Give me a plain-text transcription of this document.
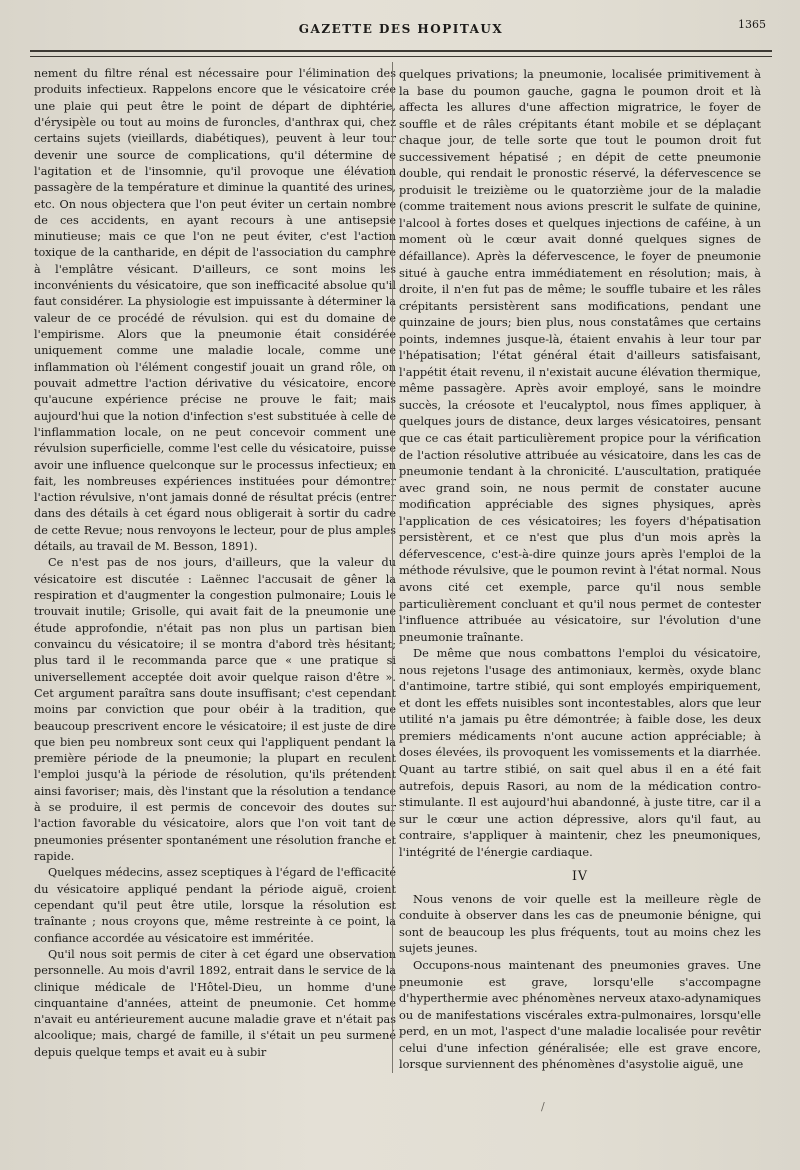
GAZETTE DES HOPITAUX	1365

nement du filtre rénal est nécessaire pour l'élimination des produits infectieux. Rappelons encore que le vésicatoire crée une plaie qui peut être le point de départ de diphtérie, d'érysipèle ou tout au moins de furoncles, d'anthrax qui, chez certains sujets (vieillards, diabétiques), peuvent à leur tour devenir une source de complications, qu'il détermine de l'agitation et de l'insomnie, qu'il provoque une élévation passagère de la température et diminue la quantité des urines, etc. On nous objectera que l'on peut éviter un certain nombre de ces accidents, en ayant recours à une antisepsie minutieuse; mais ce que l'on ne peut éviter, c'est l'action toxique de la cantharide, en dépit de l'association du camphre à l'emplâtre vésicant. D'ailleurs, ce sont moins les inconvénients du vésicatoire, que son inefficacité absolue qu'il faut considérer. La physiologie est impuissante à déterminer la valeur de ce procédé de révulsion. qui est du domaine de l'empirisme. Alors que la pneumonie était considérée uniquement comme une maladie locale, comme une inflammation où l'élément congestif jouait un grand rôle, on pouvait admettre l'action dérivative du vésicatoire, encore qu'aucune expérience précise ne prouve le fait; mais aujourd'hui que la notion d'infection s'est substituée à celle de l'inflammation locale, on ne peut concevoir comment une révulsion superficielle, comme l'est celle du vésicatoire, puisse avoir une influence quelconque sur le processus infectieux; en fait, les nombreuses expériences instituées pour démontrer l'action révulsive, n'ont jamais donné de résultat précis (entrer dans des détails à cet égard nous obligerait à sortir du cadre de cette Revue; nous renvoyons le lecteur, pour de plus amples détails, au travail de M. Besson, 1891).

Ce n'est pas de nos jours, d'ailleurs, que la valeur du vésicatoire est discutée : Laënnec l'accusait de gêner la respiration et d'augmenter la congestion pulmonaire; Louis le trouvait inutile; Grisolle, qui avait fait de la pneumonie une étude approfondie, n'était pas non plus un partisan bien convaincu du vésicatoire; il se montra d'abord très hésitant; plus tard il le recommanda parce que « une pratique si universellement acceptée doit avoir quelque raison d'être ». Cet argument paraîtra sans doute insuffisant; c'est cependant moins par conviction que pour obéir à la tradition, que beaucoup prescrivent encore le vésicatoire; il est juste de dire que bien peu nombreux sont ceux qui l'appliquent pendant la première période de la pneumonie; la plupart en reculent l'emploi jusqu'à la période de résolution, qu'ils prétendent ainsi favoriser; mais, dès l'instant que la résolution a tendance à se produire, il est permis de concevoir des doutes sur l'action favorable du vésicatoire, alors que l'on voit tant de pneumonies présenter spontanément une résolution franche et rapide.

Quelques médecins, assez sceptiques à l'égard de l'efficacité du vésicatoire appliqué pendant la période aiguë, croient cependant qu'il peut être utile, lorsque la résolution est traînante ; nous croyons que, même restreinte à ce point, la confiance accordée au vésicatoire est imméritée.

Qu'il nous soit permis de citer à cet égard une observation personnelle. Au mois d'avril 1892, entrait dans le service de la clinique médicale de l'Hôtel-Dieu, un homme d'une cinquantaine d'années, atteint de pneumonie. Cet homme n'avait eu antérieurement aucune maladie grave et n'était pas alcoolique; mais, chargé de famille, il s'était un peu surmené depuis quelque temps et avait eu à subir

quelques privations; la pneumonie, localisée primitivement à la base du poumon gauche, gagna le poumon droit et là affecta les allures d'une affection migratrice, le foyer de souffle et de râles crépitants étant mobile et se déplaçant chaque jour, de telle sorte que tout le poumon droit fut successivement hépatisé ; en dépit de cette pneumonie double, qui rendait le pronostic réservé, la défervescence se produisit le treizième ou le quatorzième jour de la maladie (comme traitement nous avions prescrit le sulfate de quinine, l'alcool à fortes doses et quelques injections de caféine, à un moment où le cœur avait donné quelques signes de défaillance). Après la défervescence, le foyer de pneumonie situé à gauche entra immédiatement en résolution; mais, à droite, il n'en fut pas de même; le souffle tubaire et les râles crépitants persistèrent sans modifications, pendant une quinzaine de jours; bien plus, nous constatâmes que certains points, indemnes jusque-là, étaient envahis à leur tour par l'hépatisation; l'état général était d'ailleurs satisfaisant, l'appétit était revenu, il n'existait aucune élévation thermique, même passagère. Après avoir employé, sans le moindre succès, la créosote et l'eucalyptol, nous fîmes appliquer, à quelques jours de distance, deux larges vésicatoires, pensant que ce cas était particulièrement propice pour la vérification de l'action résolutive attribuée au vésicatoire, dans les cas de pneumonie tendant à la chronicité. L'auscultation, pratiquée avec grand soin, ne nous permit de constater aucune modification appréciable des signes physiques, après l'application de ces vésicatoires; les foyers d'hépatisation persistèrent, et ce n'est que plus d'un mois après la défervescence, c'est-à-dire quinze jours après l'emploi de la méthode révulsive, que le poumon revint à l'état normal. Nous avons cité cet exemple, parce qu'il nous semble particulièrement concluant et qu'il nous permet de contester l'influence attribuée au vésicatoire, sur l'évolution d'une pneumonie traînante.

De même que nous combattons l'emploi du vésicatoire, nous rejetons l'usage des antimoniaux, kermès, oxyde blanc d'antimoine, tartre stibié, qui sont employés empiriquement, et dont les effets nuisibles sont incontestables, alors que leur utilité n'a jamais pu être démontrée; à faible dose, les deux premiers médicaments n'ont aucune action appréciable; à doses élevées, ils provoquent les vomissements et la diarrhée. Quant au tartre stibié, on sait quel abus il en a été fait autrefois, depuis Rasori, au nom de la médication contro-stimulante. Il est aujourd'hui abandonné, à juste titre, car il a sur le cœur une action dépressive, alors qu'il faut, au contraire, s'appliquer à maintenir, chez les pneumoniques, l'intégrité de l'énergie cardiaque.

IV

Nous venons de voir quelle est la meilleure règle de conduite à observer dans les cas de pneumonie bénigne, qui sont de beaucoup les plus fréquents, tout au moins chez les sujets jeunes.

Occupons-nous maintenant des pneumonies graves. Une pneumonie est grave, lorsqu'elle s'accompagne d'hyperthermie avec phénomènes nerveux ataxo-adynamiques ou de manifestations viscérales extra-pulmonaires, lorsqu'elle perd, en un mot, l'aspect d'une maladie localisée pour revêtir celui d'une infection généralisée; elle est grave encore, lorsque surviennent des phénomènes d'asystolie aiguë, une

/
